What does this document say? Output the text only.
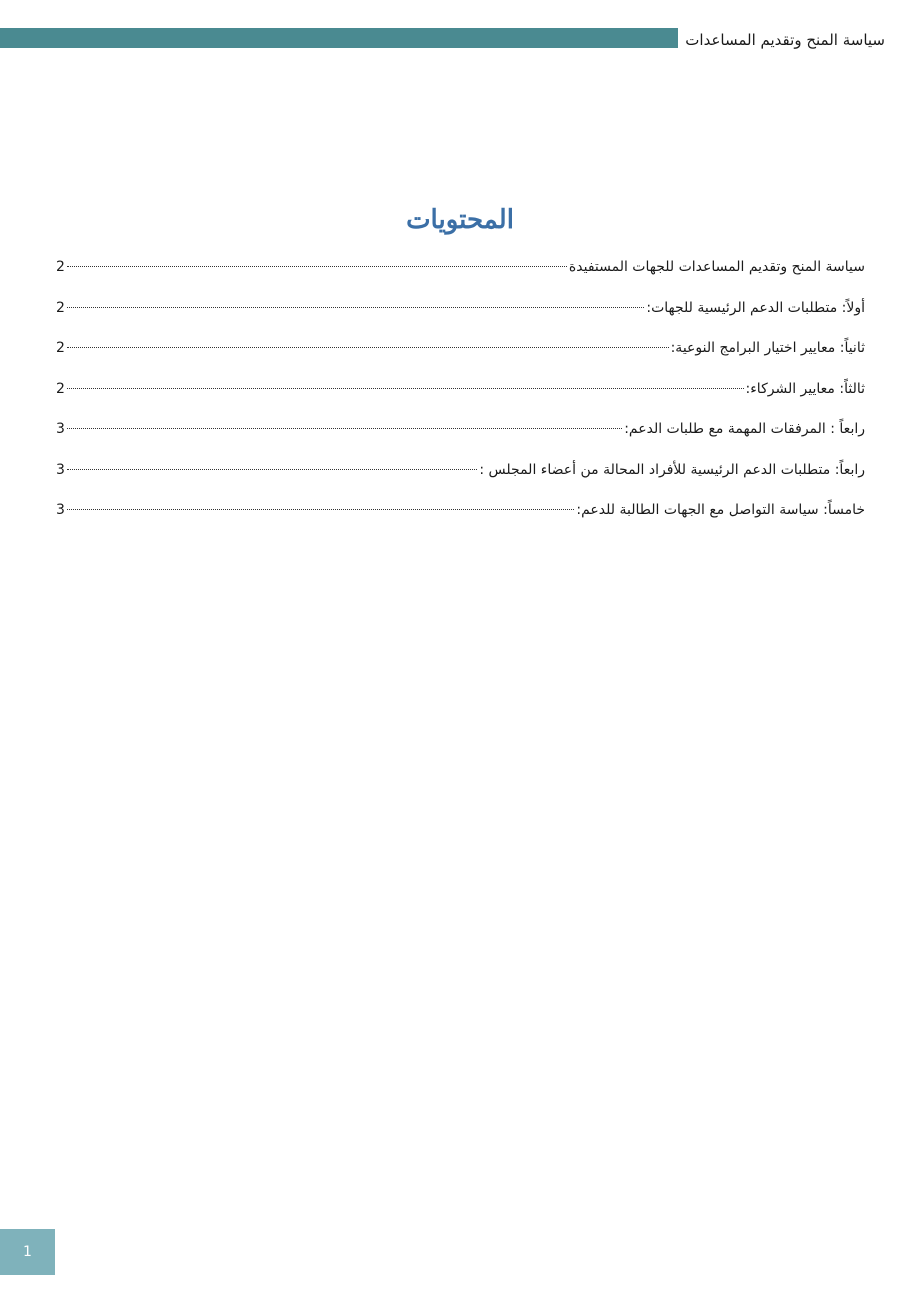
سياسة المنح وتقديم المساعدات
المحتويات
سياسة المنح وتقديم المساعدات للجهات المستفيدة
2
أولاً: متطلبات الدعم الرئيسية للجهات:
2
ثانياً: معايير اختيار البرامج النوعية:
2
ثالثاً: معايير الشركاء:
2
رابعاً : المرفقات المهمة مع طلبات الدعم:
3
رابعاً: متطلبات الدعم الرئيسية للأفراد المحالة من أعضاء المجلس :
3
خامساً: سياسة التواصل مع الجهات الطالبة للدعم:
3
1
